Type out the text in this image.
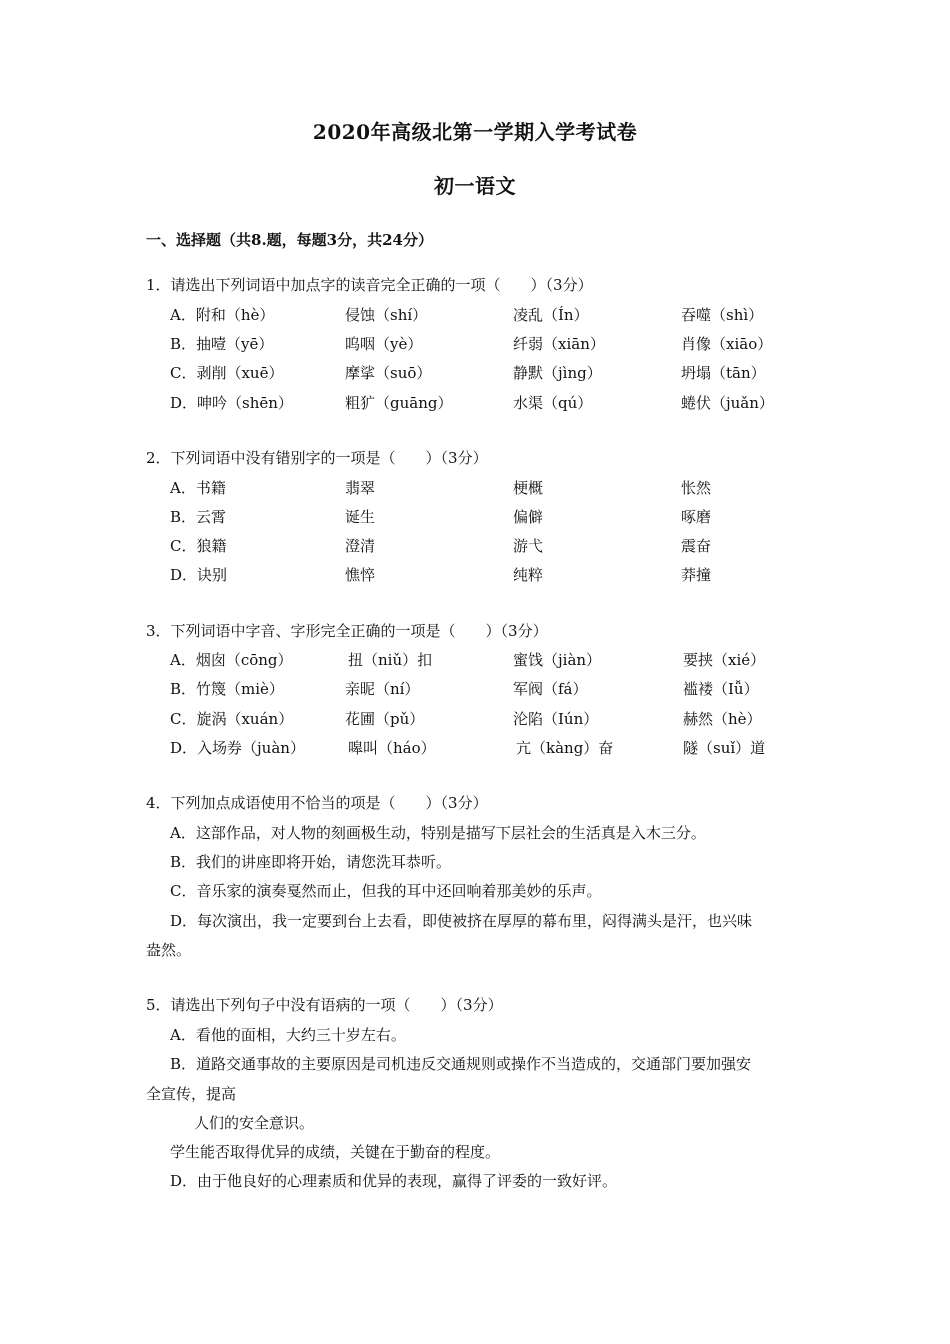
2020年高级北第一学期入学考试卷
初一语文
一、选择题（共8.题，每题3分，共24分）
1．请选出下列词语中加点字的读音完全正确的一项（　　）（3分）
A．附和（hè）	侵蚀（shí）	凌乱（Ín）	吞噬（shì）
B．抽噎（yē）	呜咽（yè）	纤弱（xiān）	肖像（xiāo）
C．剥削（xuē）	摩挲（suō）	静默（jìng）	坍塌（tān）
D．呻吟（shēn）	粗犷（guāng）	水渠（qú）	蜷伏（juǎn）
2．下列词语中没有错别字的一项是（　　）（3分）
A．书籍	翡翠	梗概	怅然
B．云霄	诞生	偏僻	啄磨
C．狼籍	澄清	游弋	震奋
D．诀别	憔悴	纯粹	莽撞
3．下列词语中字音、字形完全正确的一项是（　　）（3分）
A．烟囱（cōng）	扭（niǔ）扣	蜜饯（jiàn）	要挟（xié）
B．竹篾（miè）	亲昵（ní）	军阀（fá）	褴褛（Iǚ）
C．旋涡（xuán）	花圃（pǔ）	沦陷（Iún）	赫然（hè）
D．入场券（juàn）	嗥叫（háo）	亢（kàng）奋	隧（suǐ）道
4．下列加点成语使用不恰当的项是（　　）（3分）
A．这部作品，对人物的刻画极生动，特别是描写下层社会的生活真是入木三分。
B．我们的讲座即将开始，请您洗耳恭听。
C．音乐家的演奏戛然而止，但我的耳中还回响着那美妙的乐声。
D．每次演出，我一定要到台上去看，即使被挤在厚厚的幕布里，闷得满头是汗，也兴味
盎然。
5．请选出下列句子中没有语病的一项（　　）（3分）
A．看他的面相，大约三十岁左右。
B．道路交通事故的主要原因是司机违反交通规则或操作不当造成的，交通部门要加强安
全宣传，提高
人们的安全意识。
学生能否取得优异的成绩，关键在于勤奋的程度。
D．由于他良好的心理素质和优异的表现，赢得了评委的一致好评。
